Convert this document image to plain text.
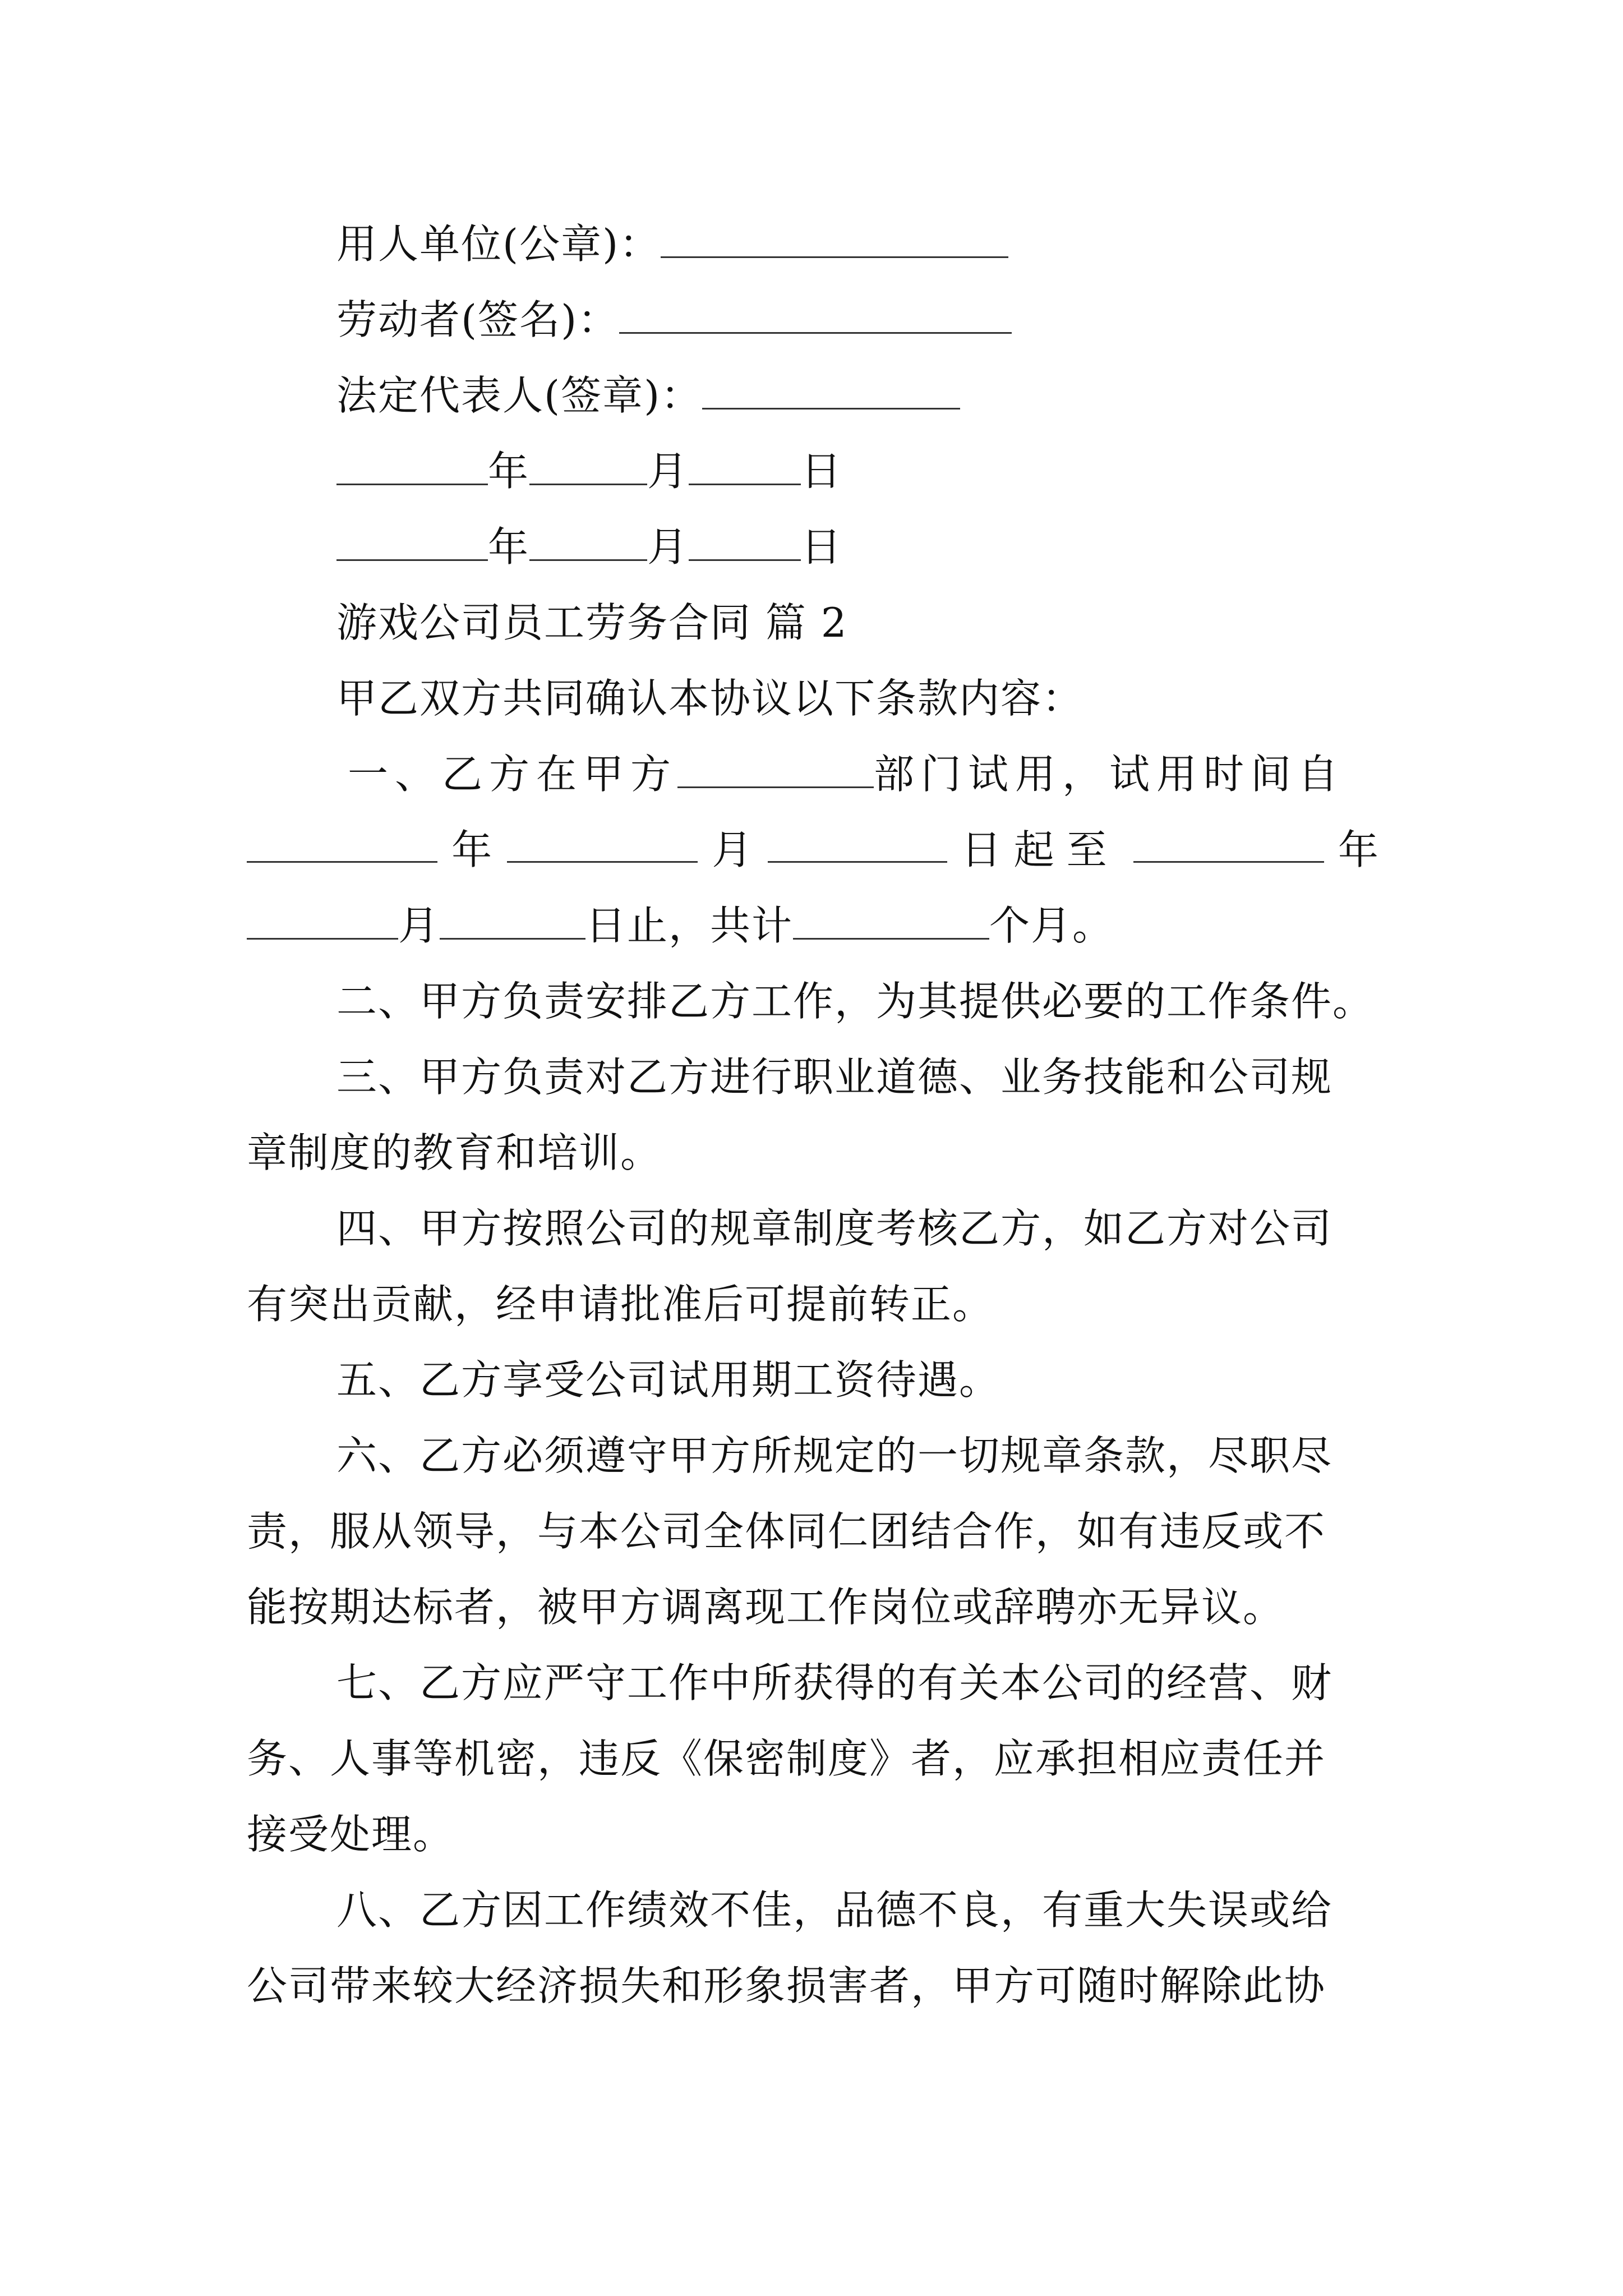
用人单位(公章)：
劳动者(签名)：
法定代表人(签章)：
年	月	日
年	月	日
游戏公司员工劳务合同 篇 2
甲乙双方共同确认本协议以下条款内容：
一、乙方在甲方	部门试用，试用时间自
年	月	日起至	年
月	日止，共计	个月。
二、甲方负责安排乙方工作，为其提供必要的工作条件。
三、甲方负责对乙方进行职业道德、业务技能和公司规
章制度的教育和培训。
四、甲方按照公司的规章制度考核乙方，如乙方对公司
有突出贡献，经申请批准后可提前转正。
五、乙方享受公司试用期工资待遇。
六、乙方必须遵守甲方所规定的一切规章条款，尽职尽
责，服从领导，与本公司全体同仁团结合作，如有违反或不
能按期达标者，被甲方调离现工作岗位或辞聘亦无异议。
七、乙方应严守工作中所获得的有关本公司的经营、财
务、人事等机密，违反《保密制度》者，应承担相应责任并
接受处理。
八、乙方因工作绩效不佳，品德不良，有重大失误或给
公司带来较大经济损失和形象损害者，甲方可随时解除此协
